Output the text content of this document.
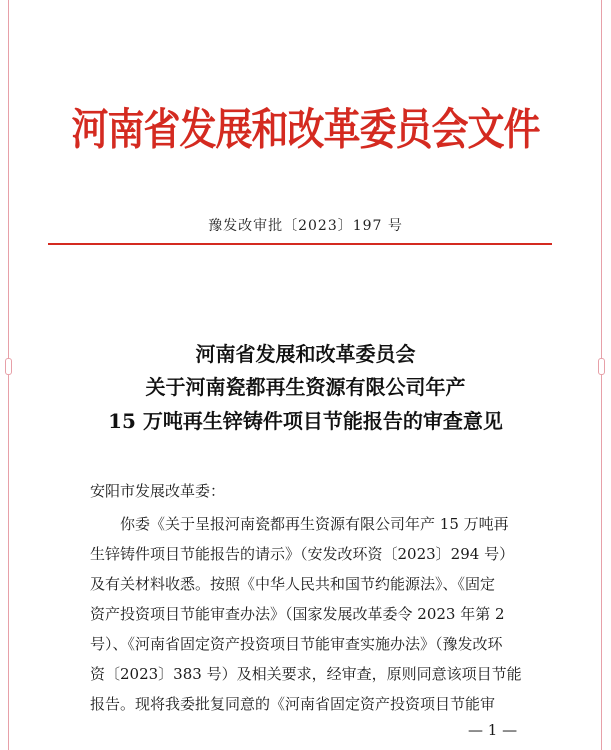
河南省发展和改革委员会文件
豫发改审批〔2023〕197 号
河南省发展和改革委员会
关于河南瓷都再生资源有限公司年产
15 万吨再生锌铸件项目节能报告的审查意见
安阳市发展改革委：
你委《关于呈报河南瓷都再生资源有限公司年产 15 万吨再
生锌铸件项目节能报告的请示》（安发改环资〔2023〕294 号）
及有关材料收悉。按照《中华人民共和国节约能源法》、《固定
资产投资项目节能审查办法》（国家发展改革委令 2023 年第 2
号）、《河南省固定资产投资项目节能审查实施办法》（豫发改环
资〔2023〕383 号）及相关要求，经审查，原则同意该项目节能
报告。现将我委批复同意的《河南省固定资产投资项目节能审
— 1 —
